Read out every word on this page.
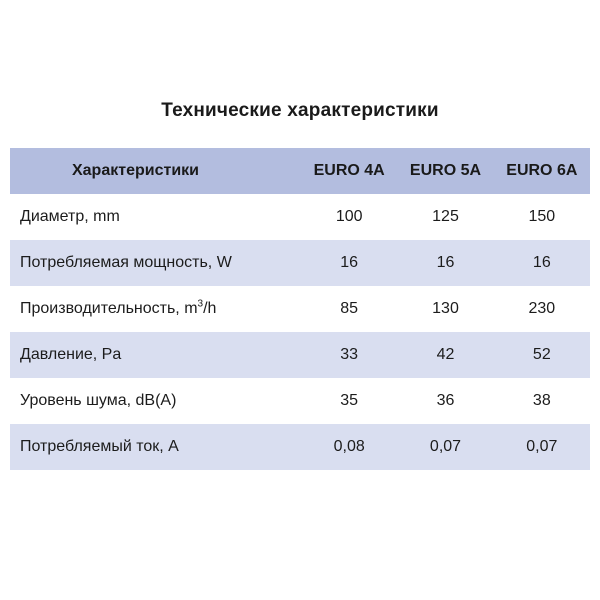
Технические характеристики
Характеристики	EURO 4A	EURO 5A	EURO 6A
Диаметр, mm	100	125	150
Потребляемая мощность, W	16	16	16
Производительность, $m^3/h$	85	130	230
Давление, Pa	33	42	52
Уровень шума, dB(A)	35	36	38
Потребляемый ток, A	0,08	0,07	0,07
